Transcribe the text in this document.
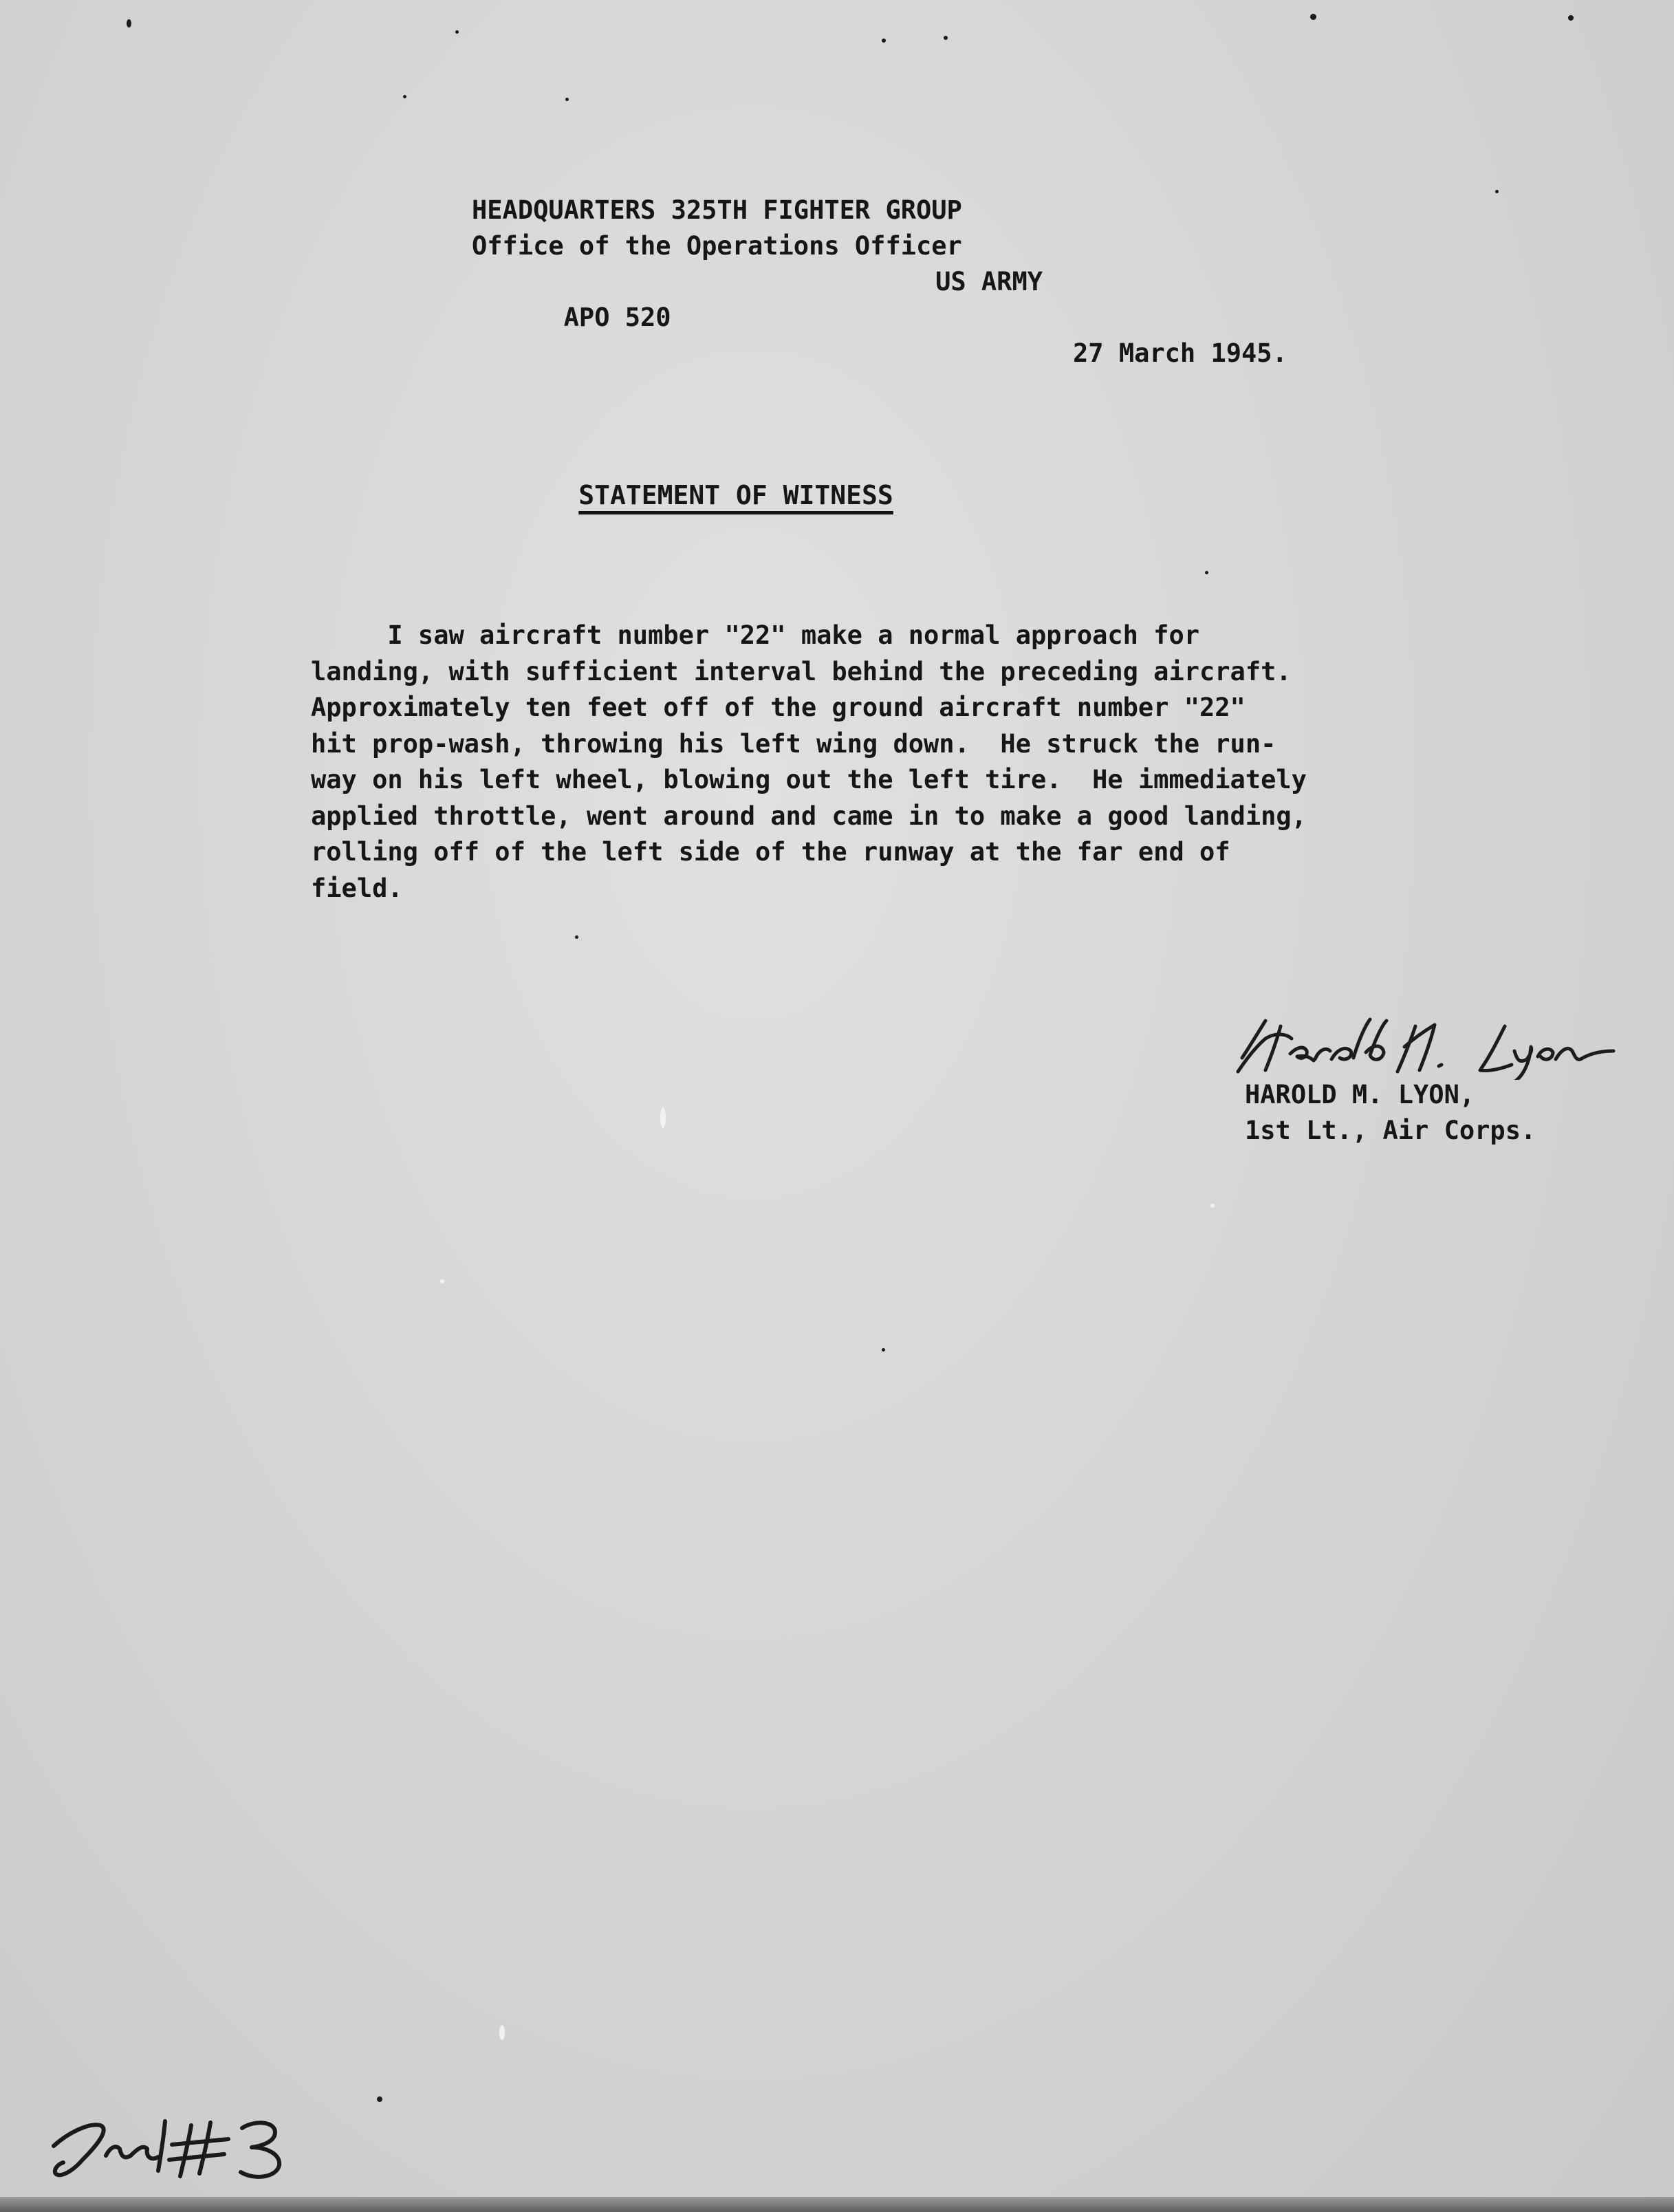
HEADQUARTERS 325TH FIGHTER GROUP
Office of the Operations Officer

APO 520

US ARMY

27 March 1945.
STATEMENT OF WITNESS
I saw aircraft number "22" make a normal approach for
landing, with sufficient interval behind the preceding aircraft.
Approximately ten feet off of the ground aircraft number "22"
hit prop-wash, throwing his left wing down.  He struck the run-
way on his left wheel, blowing out the left tire.  He immediately
applied throttle, went around and came in to make a good landing,
rolling off of the left side of the runway at the far end of
field.
HAROLD M. LYON,
1st Lt., Air Corps.
